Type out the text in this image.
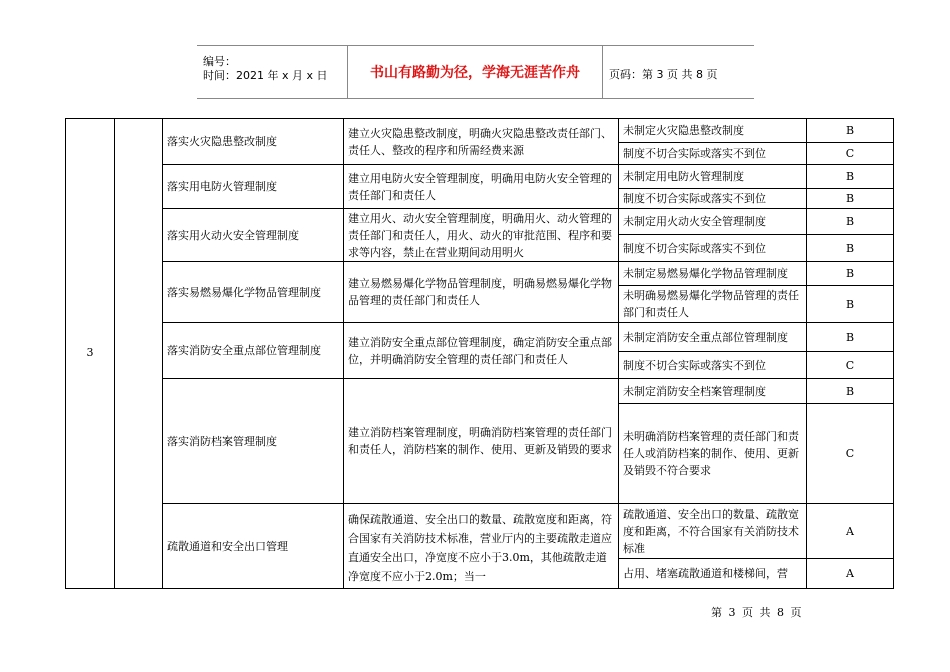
编号：
时间：2021 年 x 月 x 日	书山有路勤为径，学海无涯苦作舟	页码：第 3 页 共 8 页
3		落实火灾隐患整改制度	建立火灾隐患整改制度，明确火灾隐患整改责任部门、责任人、整改的程序和所需经费来源	未制定火灾隐患整改制度	B
				制度不切合实际或落实不到位	C
		落实用电防火管理制度	建立用电防火安全管理制度，明确用电防火安全管理的责任部门和责任人	未制定用电防火管理制度	B
				制度不切合实际或落实不到位	B
		落实用火动火安全管理制度	建立用火、动火安全管理制度，明确用火、动火管理的责任部门和责任人，用火、动火的审批范围、程序和要求等内容，禁止在营业期间动用明火	未制定用火动火安全管理制度	B
				制度不切合实际或落实不到位	B
		落实易燃易爆化学物品管理制度	建立易燃易爆化学物品管理制度，明确易燃易爆化学物品管理的责任部门和责任人	未制定易燃易爆化学物品管理制度	B
				未明确易燃易爆化学物品管理的责任部门和责任人	B
		落实消防安全重点部位管理制度	建立消防安全重点部位管理制度，确定消防安全重点部位，并明确消防安全管理的责任部门和责任人	未制定消防安全重点部位管理制度	B
				制度不切合实际或落实不到位	C
		落实消防档案管理制度	建立消防档案管理制度，明确消防档案管理的责任部门和责任人，消防档案的制作、使用、更新及销毁的要求	未制定消防安全档案管理制度	B
				未明确消防档案管理的责任部门和责任人或消防档案的制作、使用、更新及销毁不符合要求	C
		疏散通道和安全出口管理	确保疏散通道、安全出口的数量、疏散宽度和距离，符合国家有关消防技术标准，营业厅内的主要疏散走道应直通安全出口，净宽度不应小于3.0m，其他疏散走道净宽度不应小于2.0m；当一	疏散通道、安全出口的数量、疏散宽度和距离，不符合国家有关消防技术标准	A
				占用、堵塞疏散通道和楼梯间，营	A
第 3 页 共 8 页
